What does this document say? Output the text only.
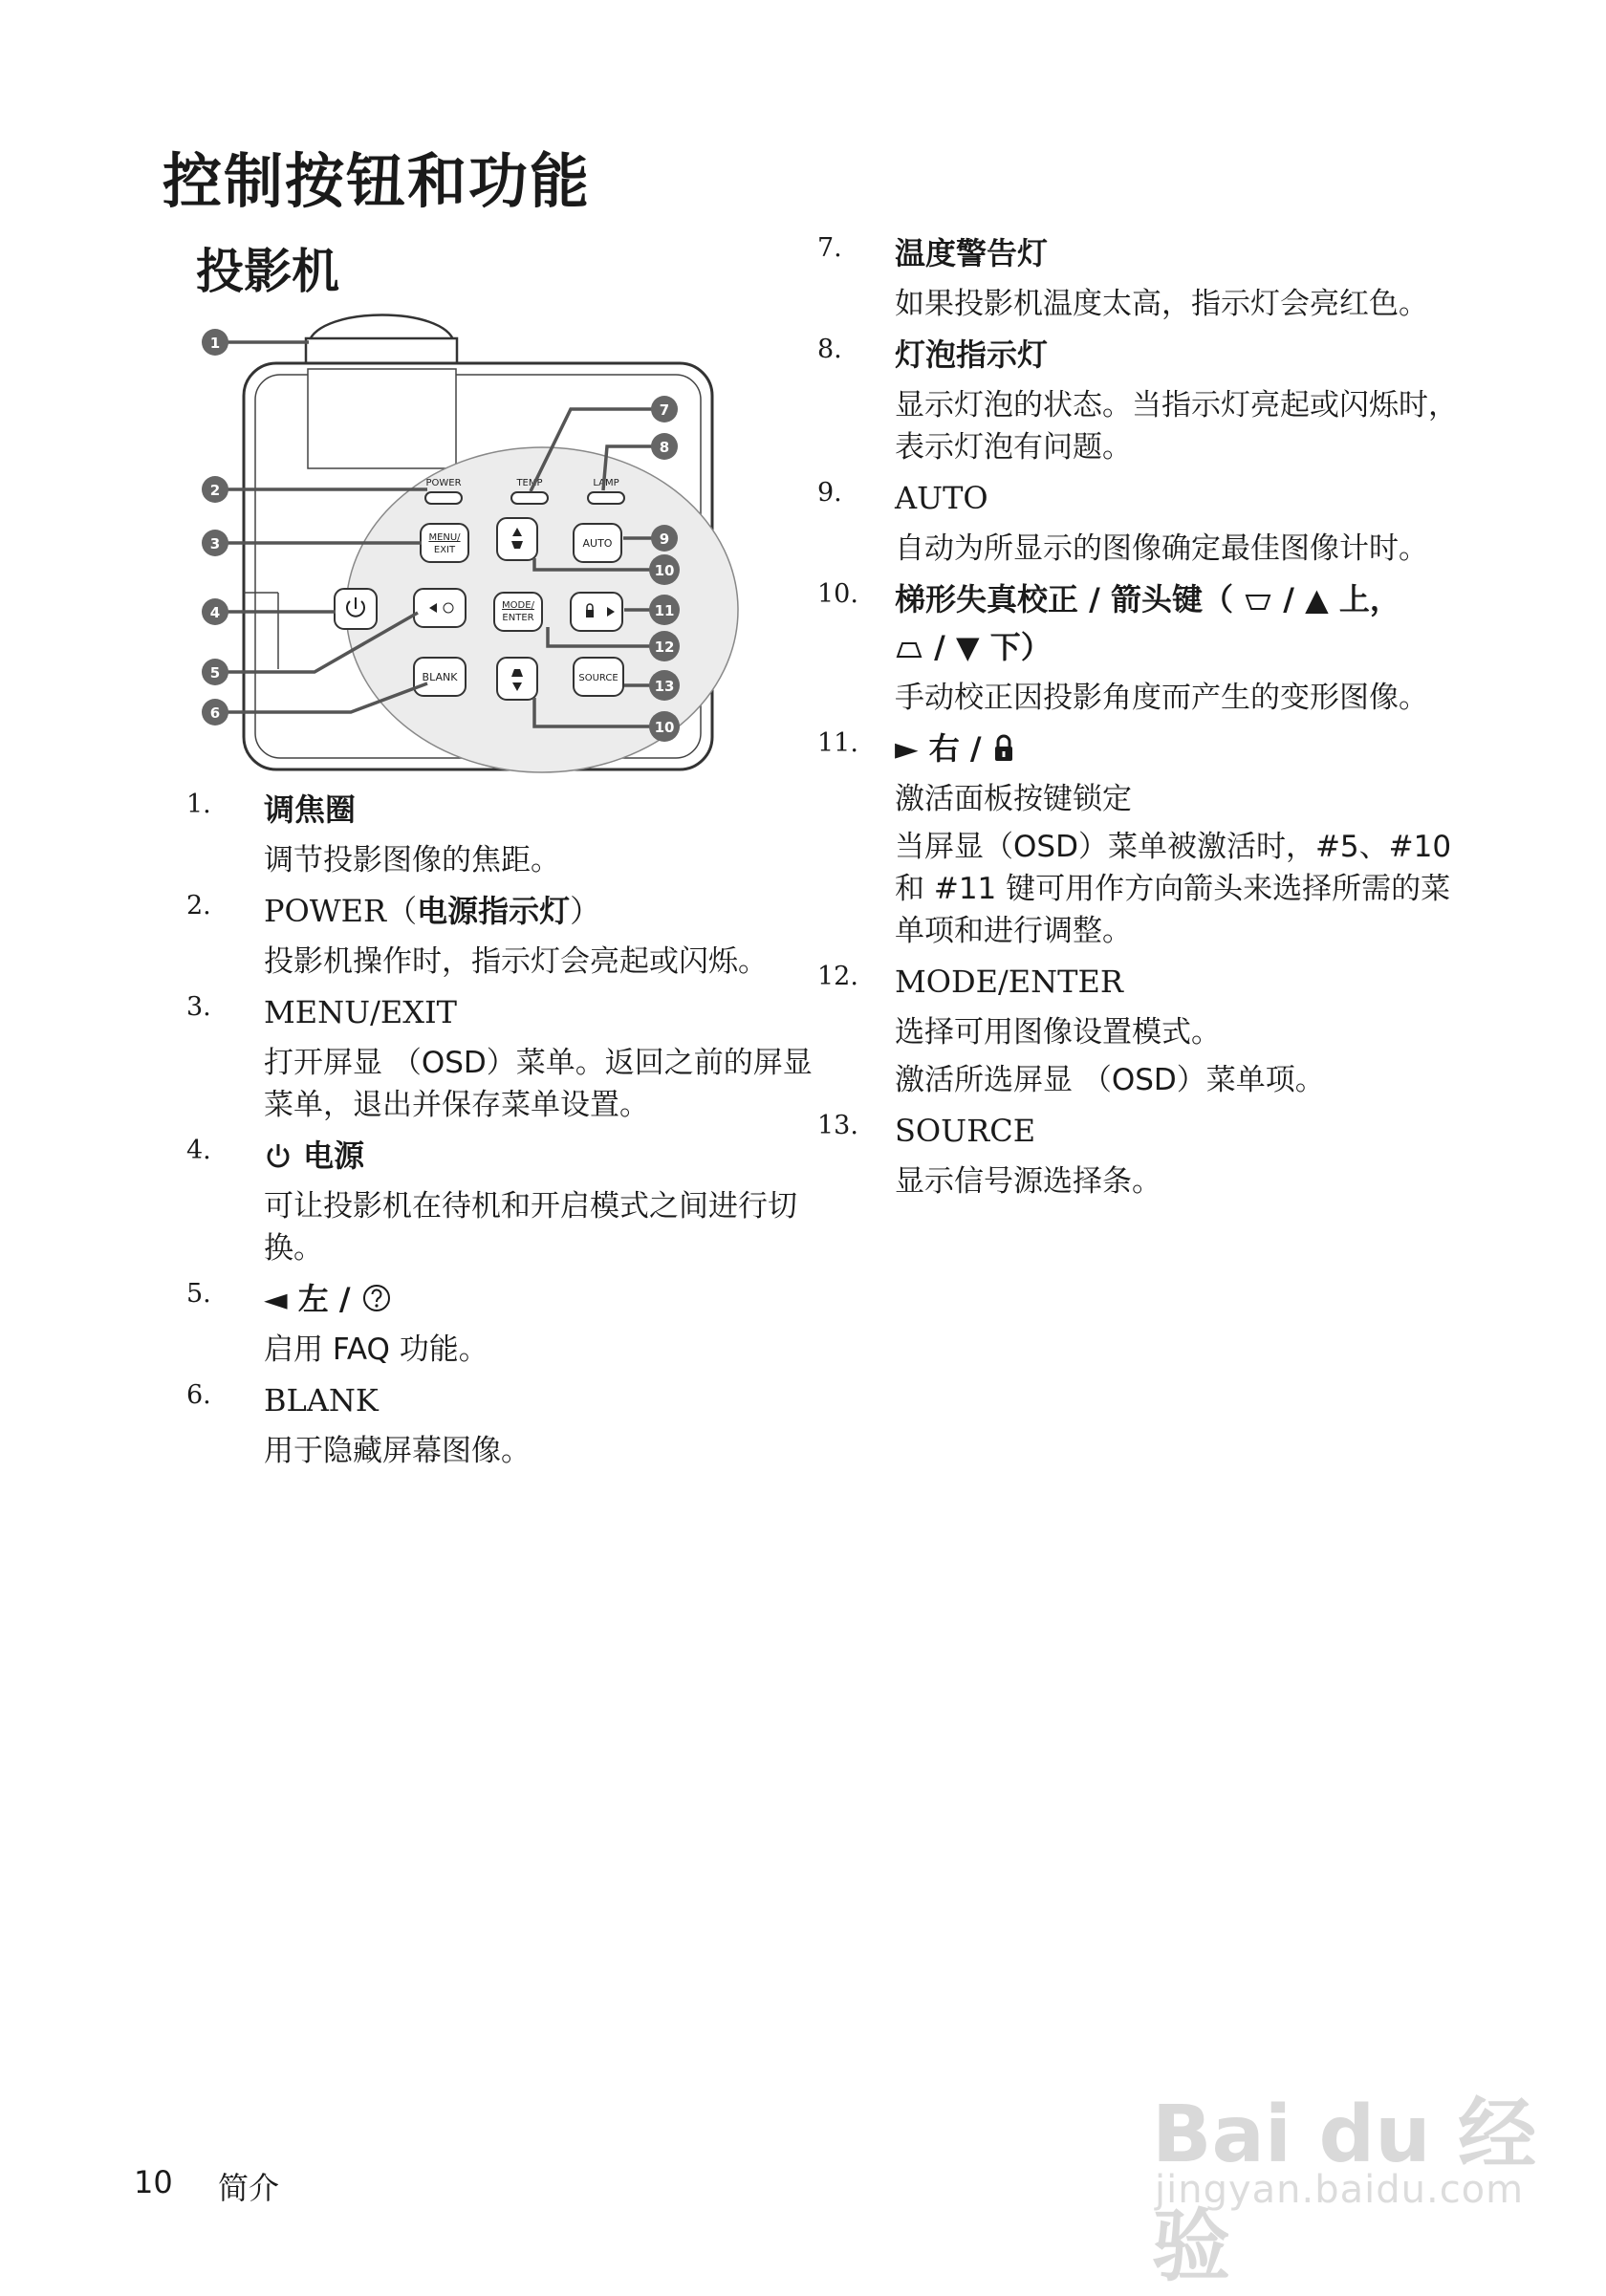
控制按钮和功能
投影机
POWER	TEMP	LAMP
MENU/
EXIT
AUTO
MODE/
ENTER
BLANK	SOURCE
1
2
3
4
5
6
7
8
9
10
11
12
13
10
1. 调焦圈
调节投影图像的焦距。
2. POWER（电源指示灯）
投影机操作时，指示灯会亮起或闪烁。
3. MENU/EXIT
打开屏显 （OSD）菜单。返回之前的屏显菜单，退出并保存菜单设置。
4.	电源
可让投影机在待机和开启模式之间进行切换。
5. ◄ 左 /
启用 FAQ 功能。
6. BLANK
用于隐藏屏幕图像。
7. 温度警告灯
如果投影机温度太高，指示灯会亮红色。
8. 灯泡指示灯
显示灯泡的状态。当指示灯亮起或闪烁时，表示灯泡有问题。
9. AUTO
自动为所显示的图像确定最佳图像计时。
10. 梯形失真校正 / 箭头键（ / ▲ 上，
/ ▼ 下）
手动校正因投影角度而产生的变形图像。
11. ► 右 /
激活面板按键锁定
当屏显（OSD）菜单被激活时，#5、#10 和 #11 键可用作方向箭头来选择所需的菜单项和进行调整。
12. MODE/ENTER
选择可用图像设置模式。
激活所选屏显 （OSD）菜单项。
13. SOURCE
显示信号源选择条。
10 简介
Bai du 经验
jingyan.baidu.com
